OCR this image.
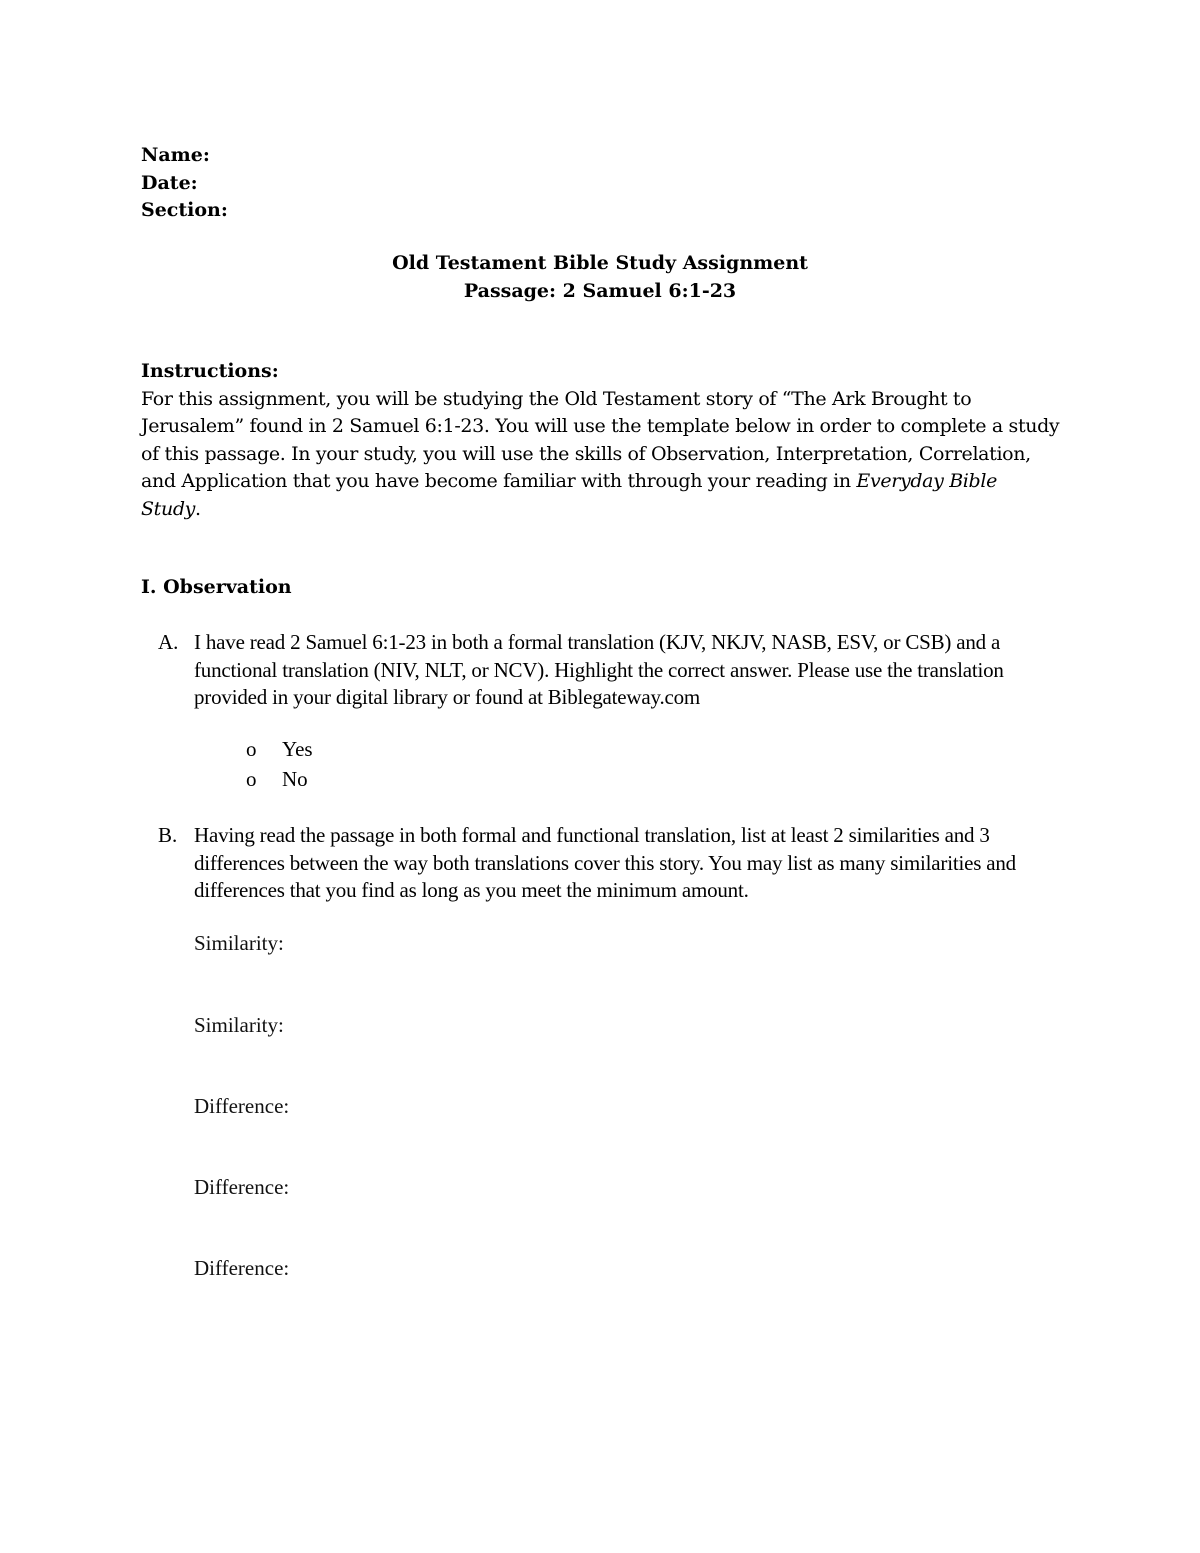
Name:
Date:
Section:
Old Testament Bible Study Assignment
Passage: 2 Samuel 6:1-23
Instructions:
For this assignment, you will be studying the Old Testament story of “The Ark Brought to Jerusalem” found in 2 Samuel 6:1-23. You will use the template below in order to complete a study of this passage. In your study, you will use the skills of Observation, Interpretation, Correlation, and Application that you have become familiar with through your reading in Everyday Bible Study.
I. Observation
A. I have read 2 Samuel 6:1-23 in both a formal translation (KJV, NKJV, NASB, ESV, or CSB) and a functional translation (NIV, NLT, or NCV). Highlight the correct answer. Please use the translation provided in your digital library or found at Biblegateway.com
o Yes
o No
B. Having read the passage in both formal and functional translation, list at least 2 similarities and 3 differences between the way both translations cover this story. You may list as many similarities and differences that you find as long as you meet the minimum amount.
Similarity:
Similarity:
Difference:
Difference:
Difference:
